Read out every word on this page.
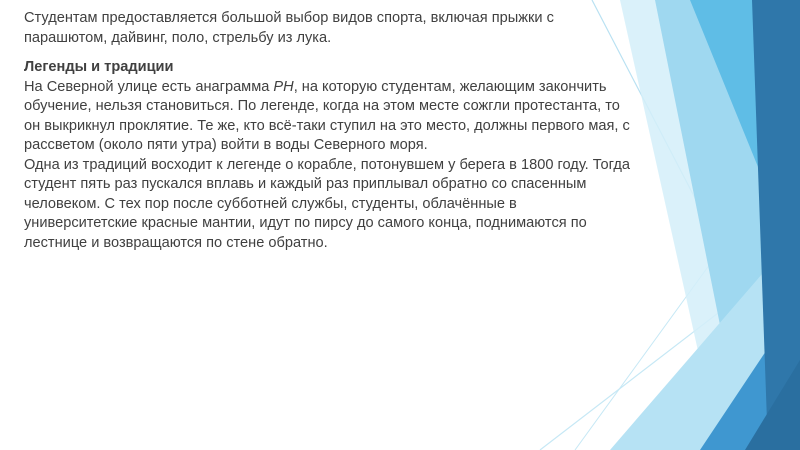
Студентам предоставляется большой выбор видов спорта, включая прыжки с парашютом, дайвинг, поло, стрельбу из лука.

Легенды и традиции

На Северной улице есть анаграмма PH, на которую студентам, желающим закончить обучение, нельзя становиться. По легенде, когда на этом месте сожгли протестанта, то он выкрикнул проклятие. Те же, кто всё-таки ступил на это место, должны первого мая, с рассветом (около пяти утра) войти в воды Северного моря.

Одна из традиций восходит к легенде о корабле, потонувшем у берега в 1800 году. Тогда студент пять раз пускался вплавь и каждый раз приплывал обратно со спасенным человеком. С тех пор после субботней службы, студенты, облачённые в университетские красные мантии, идут по пирсу до самого конца, поднимаются по лестнице и возвращаются по стене обратно.
